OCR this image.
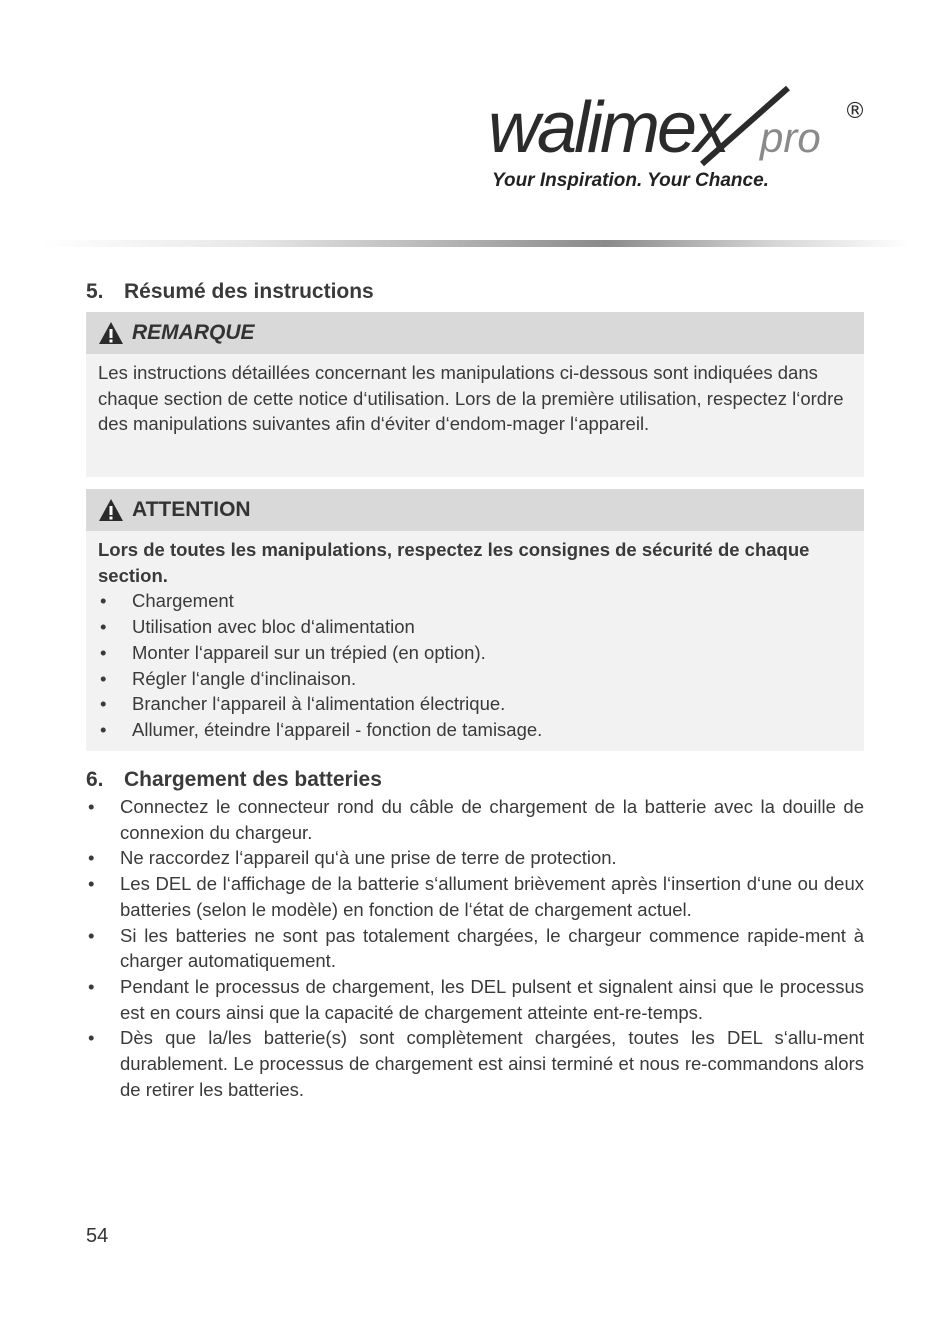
walimex pro
®
Your Inspiration. Your Chance.
5. Résumé des instructions
REMARQUE
Les instructions détaillées concernant les manipulations ci-dessous sont indiquées dans chaque section de cette notice d‘utilisation. Lors de la première utilisation, respectez l‘ordre des manipulations suivantes afin d‘éviter d‘endom-mager l‘appareil.
ATTENTION
Lors de toutes les manipulations, respectez les consignes de sécurité de chaque section.
• Chargement
• Utilisation avec bloc d‘alimentation
• Monter l‘appareil sur un trépied (en option).
• Régler l‘angle d‘inclinaison.
• Brancher l‘appareil à l‘alimentation électrique.
• Allumer, éteindre l‘appareil - fonction de tamisage.
6. Chargement des batteries
• Connectez le connecteur rond du câble de chargement de la batterie avec la douille de connexion du chargeur.
• Ne raccordez l‘appareil qu‘à une prise de terre de protection.
• Les DEL de l‘affichage de la batterie s‘allument brièvement après l‘insertion d‘une ou deux batteries (selon le modèle) en fonction de l‘état de chargement actuel.
• Si les batteries ne sont pas totalement chargées, le chargeur commence rapide-ment à charger automatiquement.
• Pendant le processus de chargement, les DEL pulsent et signalent ainsi que le processus est en cours ainsi que la capacité de chargement atteinte ent-re-temps.
• Dès que la/les batterie(s) sont complètement chargées, toutes les DEL s‘allu-ment durablement. Le processus de chargement est ainsi terminé et nous re-commandons alors de retirer les batteries.
54
